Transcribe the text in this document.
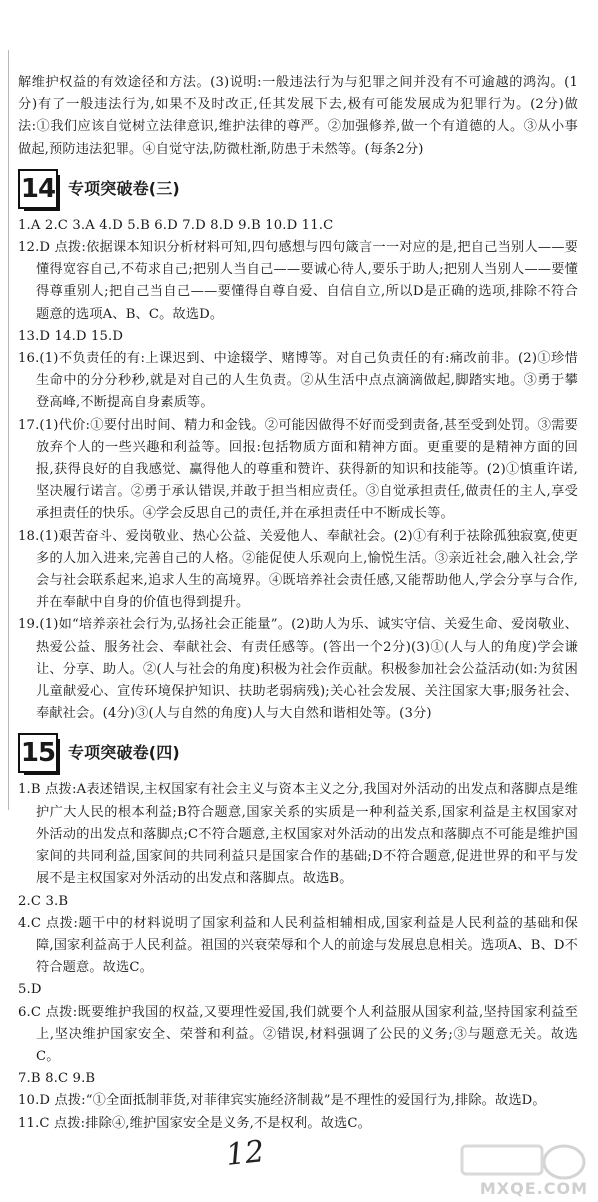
解维护权益的有效途径和方法。(3)说明:一般违法行为与犯罪之间并没有不可逾越的鸿沟。(1分)有了一般违法行为,如果不及时改正,任其发展下去,极有可能发展成为犯罪行为。(2分)做法:①我们应该自觉树立法律意识,维护法律的尊严。②加强修养,做一个有道德的人。③从小事做起,预防违法犯罪。④自觉守法,防微杜渐,防患于未然等。(每条2分)

14 专项突破卷(三)

1.A 2.C 3.A 4.D 5.B 6.D 7.D 8.D 9.B 10.D 11.C

12.D 点拨:依据课本知识分析材料可知,四句感想与四句箴言一一对应的是,把自己当别人——要懂得宽容自己,不苟求自己;把别人当自己——要诚心待人,要乐于助人;把别人当别人——要懂得尊重别人;把自己当自己——要懂得自尊自爱、自信自立,所以D是正确的选项,排除不符合题意的选项A、B、C。故选D。

13.D 14.D 15.D

16.(1)不负责任的有:上课迟到、中途辍学、赌博等。对自己负责任的有:痛改前非。(2)①珍惜生命中的分分秒秒,就是对自己的人生负责。②从生活中点点滴滴做起,脚踏实地。③勇于攀登高峰,不断提高自身素质等。

17.(1)代价:①要付出时间、精力和金钱。②可能因做得不好而受到责备,甚至受到处罚。③需要放弃个人的一些兴趣和利益等。回报:包括物质方面和精神方面。更重要的是精神方面的回报,获得良好的自我感觉、赢得他人的尊重和赞许、获得新的知识和技能等。(2)①慎重许诺,坚决履行诺言。②勇于承认错误,并敢于担当相应责任。③自觉承担责任,做责任的主人,享受承担责任的快乐。④学会反思自己的责任,并在承担责任中不断成长等。

18.(1)艰苦奋斗、爱岗敬业、热心公益、关爱他人、奉献社会。(2)①有利于祛除孤独寂寞,使更多的人加入进来,完善自己的人格。②能促使人乐观向上,愉悦生活。③亲近社会,融入社会,学会与社会联系起来,追求人生的高境界。④既培养社会责任感,又能帮助他人,学会分享与合作,并在奉献中自身的价值也得到提升。

19.(1)如“培养亲社会行为,弘扬社会正能量”。(2)助人为乐、诚实守信、关爱生命、爱岗敬业、热爱公益、服务社会、奉献社会、有责任感等。(答出一个2分)(3)①(人与人的角度)学会谦让、分享、助人。②(人与社会的角度)积极为社会作贡献。积极参加社会公益活动(如:为贫困儿童献爱心、宣传环境保护知识、扶助老弱病残);关心社会发展、关注国家大事;服务社会、奉献社会。(4分)③(人与自然的角度)人与大自然和谐相处等。(3分)

15 专项突破卷(四)

1.B 点拨:A表述错误,主权国家有社会主义与资本主义之分,我国对外活动的出发点和落脚点是维护广大人民的根本利益;B符合题意,国家关系的实质是一种利益关系,国家利益是主权国家对外活动的出发点和落脚点;C不符合题意,主权国家对外活动的出发点和落脚点不可能是维护国家间的共同利益,国家间的共同利益只是国家合作的基础;D不符合题意,促进世界的和平与发展不是主权国家对外活动的出发点和落脚点。故选B。

2.C 3.B

4.C 点拨:题干中的材料说明了国家利益和人民利益相辅相成,国家利益是人民利益的基础和保障,国家利益高于人民利益。祖国的兴衰荣辱和个人的前途与发展息息相关。选项A、B、D不符合题意。故选C。

5.D

6.C 点拨:既要维护我国的权益,又要理性爱国,我们就要个人利益服从国家利益,坚持国家利益至上,坚决维护国家安全、荣誉和利益。②错误,材料强调了公民的义务;③与题意无关。故选C。

7.B 8.C 9.B

10.D 点拨:“①全面抵制菲货,对菲律宾实施经济制裁”是不理性的爱国行为,排除。故选D。

11.C 点拨:排除④,维护国家安全是义务,不是权利。故选C。

12
MXQE.COM
